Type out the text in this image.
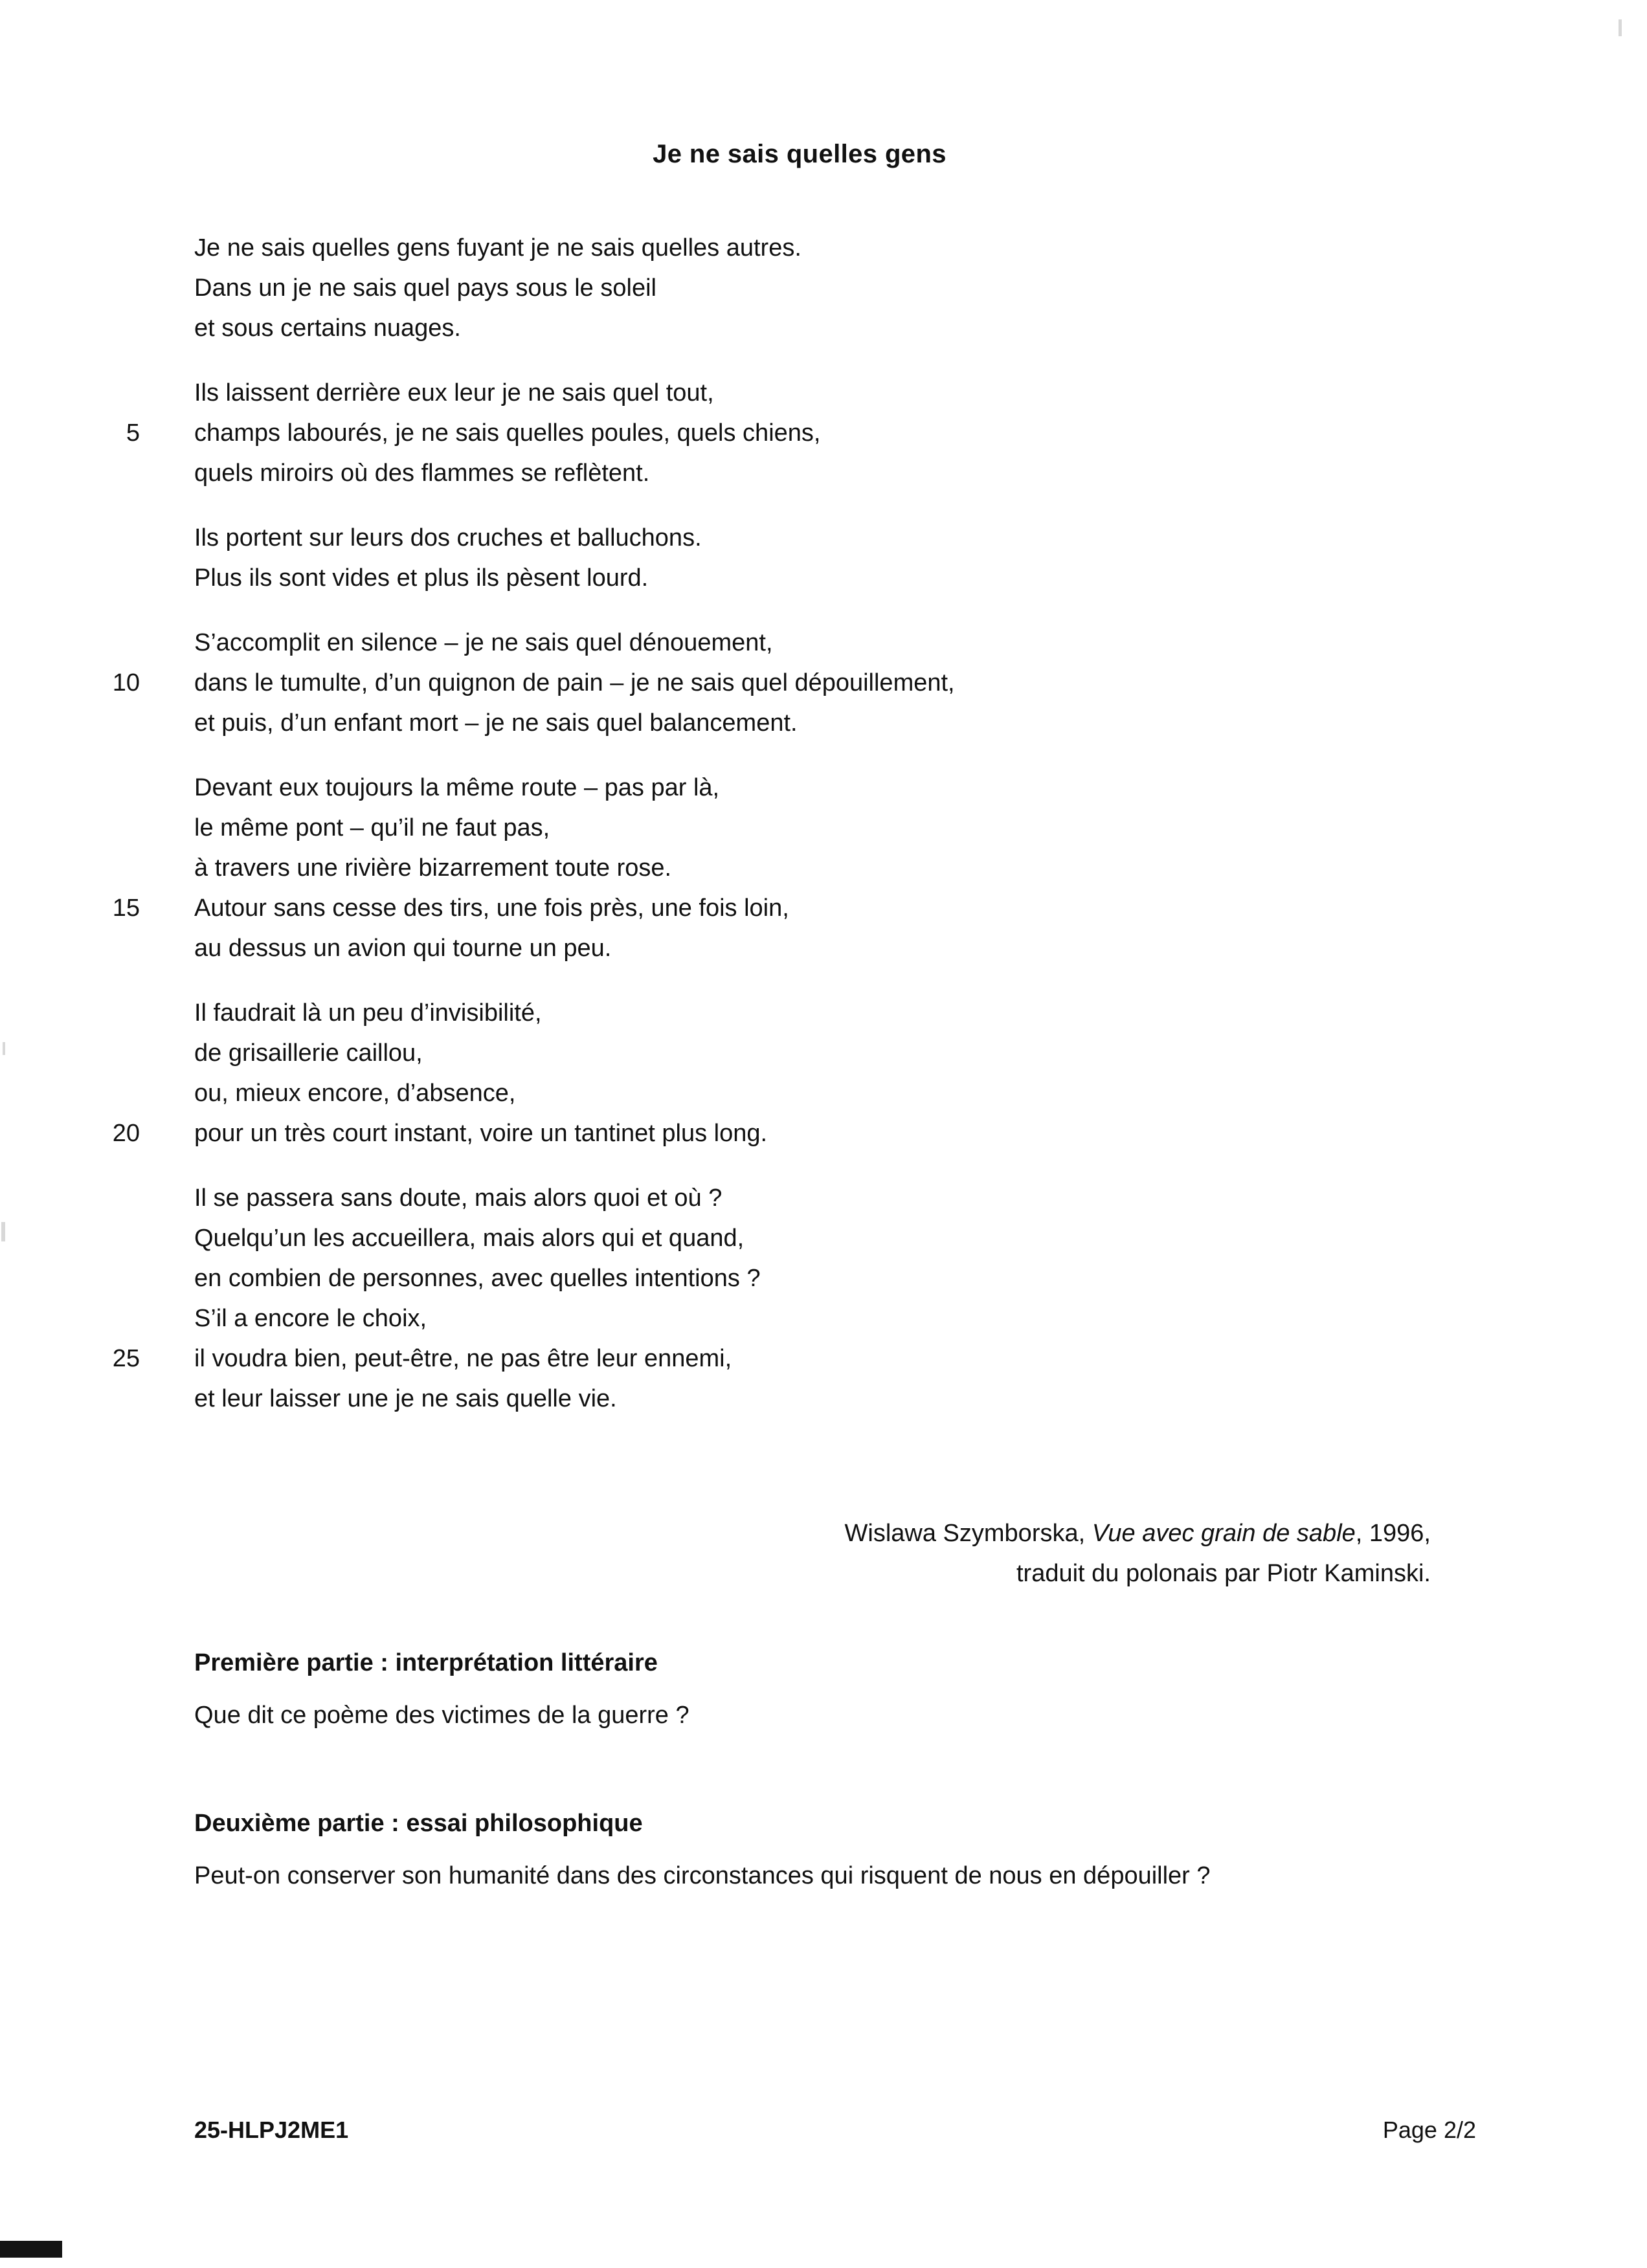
Je ne sais quelles gens
Je ne sais quelles gens fuyant je ne sais quelles autres.
Dans un je ne sais quel pays sous le soleil
et sous certains nuages.
Ils laissent derrière eux leur je ne sais quel tout,
5 champs labourés, je ne sais quelles poules, quels chiens,
quels miroirs où des flammes se reflètent.
Ils portent sur leurs dos cruches et balluchons.
Plus ils sont vides et plus ils pèsent lourd.
S’accomplit en silence – je ne sais quel dénouement,
10 dans le tumulte, d’un quignon de pain – je ne sais quel dépouillement,
et puis, d’un enfant mort – je ne sais quel balancement.
Devant eux toujours la même route – pas par là,
le même pont – qu’il ne faut pas,
à travers une rivière bizarrement toute rose.
15 Autour sans cesse des tirs, une fois près, une fois loin,
au dessus un avion qui tourne un peu.
Il faudrait là un peu d’invisibilité,
de grisaillerie caillou,
ou, mieux encore, d’absence,
20 pour un très court instant, voire un tantinet plus long.
Il se passera sans doute, mais alors quoi et où ?
Quelqu’un les accueillera, mais alors qui et quand,
en combien de personnes, avec quelles intentions ?
S’il a encore le choix,
25 il voudra bien, peut-être, ne pas être leur ennemi,
et leur laisser une je ne sais quelle vie.
Wislawa Szymborska, Vue avec grain de sable, 1996,
traduit du polonais par Piotr Kaminski.
Première partie : interprétation littéraire
Que dit ce poème des victimes de la guerre ?
Deuxième partie : essai philosophique
Peut-on conserver son humanité dans des circonstances qui risquent de nous en dépouiller ?
25-HLPJ2ME1	Page 2/2
